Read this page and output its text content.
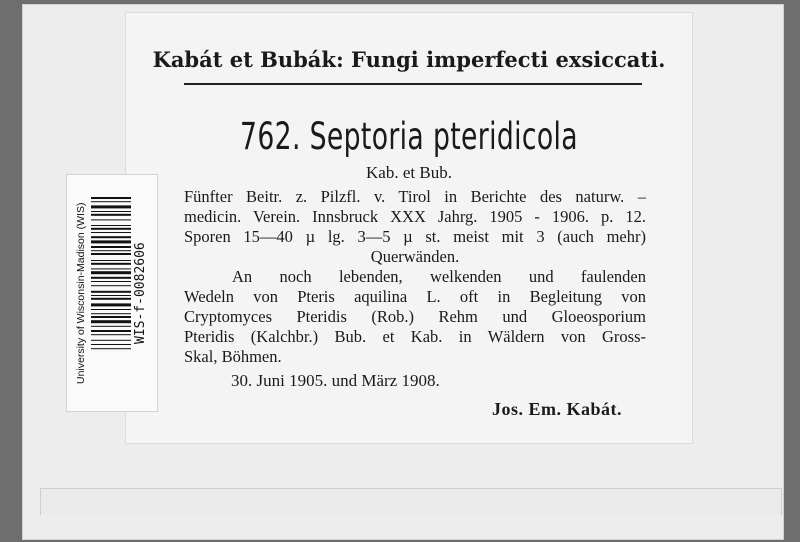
Kabát et Bubák: Fungi imperfecti exsiccati.
762. Septoria pteridicola
Kab. et Bub.
Fünfter Beitr. z. Pilzfl. v. Tirol in Berichte des naturw. –
medicin. Verein. Innsbruck XXX Jahrg. 1905 - 1906. p. 12.
Sporen 15—40 µ lg. 3—5 µ st. meist mit 3 (auch mehr)
Querwänden.
An noch lebenden, welkenden und faulenden
Wedeln von Pteris aquilina L. oft in Begleitung von
Cryptomyces Pteridis (Rob.) Rehm und Gloeosporium
Pteridis (Kalchbr.) Bub. et Kab. in Wäldern von Gross-
Skal, Böhmen.
30. Juni 1905. und März 1908.
Jos. Em. Kabát.
University of Wisconsin-Madison (WIS)	WIS-f-0082606
